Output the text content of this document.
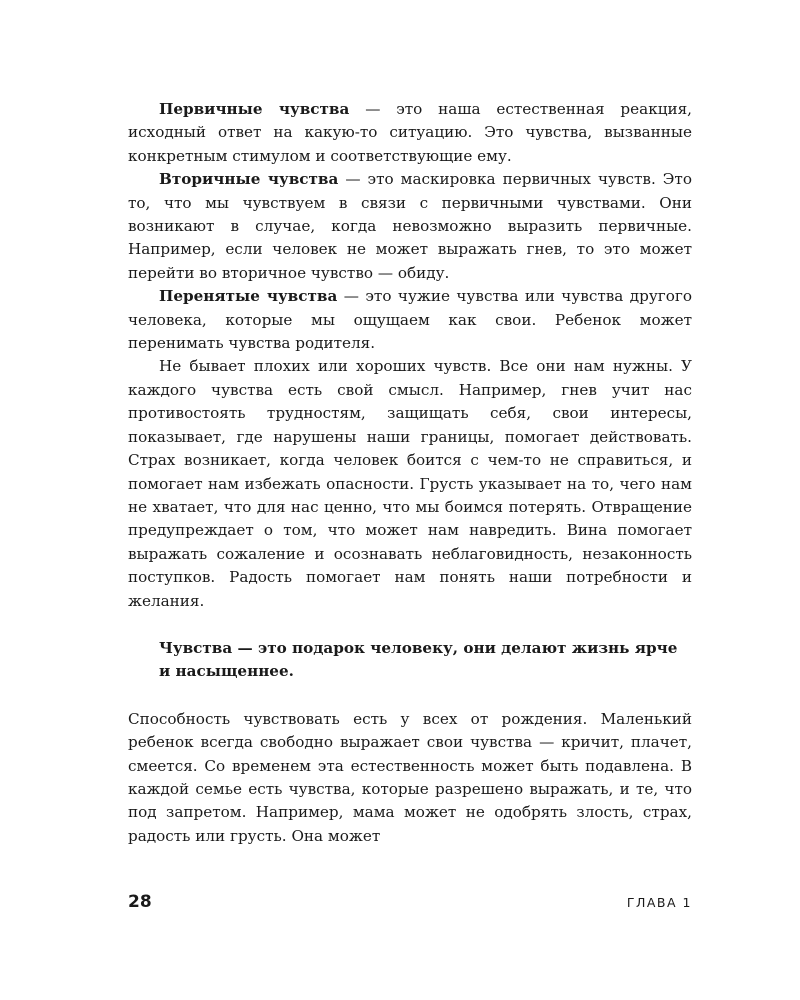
Первичные чувства — это наша естественная реакция, исходный ответ на какую-то ситуацию. Это чувства, вызванные конкретным стимулом и соответствующие ему.

Вторичные чувства — это маскировка первичных чувств. Это то, что мы чувствуем в связи с первичными чувствами. Они возникают в случае, когда невозможно выразить первичные. Например, если человек не может выражать гнев, то это может перейти во вторичное чувство — обиду.

Перенятые чувства — это чужие чувства или чувства другого человека, которые мы ощущаем как свои. Ребенок может перенимать чувства родителя.

Не бывает плохих или хороших чувств. Все они нам нужны. У каждого чувства есть свой смысл. Например, гнев учит нас противостоять трудностям, защищать себя, свои интересы, показывает, где нарушены наши границы, помогает действовать. Страх возникает, когда человек боится с чем-то не справиться, и помогает нам избежать опасности. Грусть указывает на то, чего нам не хватает, что для нас ценно, что мы боимся потерять. Отвращение предупреждает о том, что может нам навредить. Вина помогает выражать сожаление и осознавать неблаговидность, незаконность поступков. Радость помогает нам понять наши потребности и желания.

Чувства — это подарок человеку, они делают жизнь ярче и насыщеннее.

Способность чувствовать есть у всех от рождения. Маленький ребенок всегда свободно выражает свои чувства — кричит, плачет, смеется. Со временем эта естественность может быть подавлена. В каждой семье есть чувства, которые разрешено выражать, и те, что под запретом. Например, мама может не одобрять злость, страх, радость или грусть. Она может

28	ГЛАВА 1
